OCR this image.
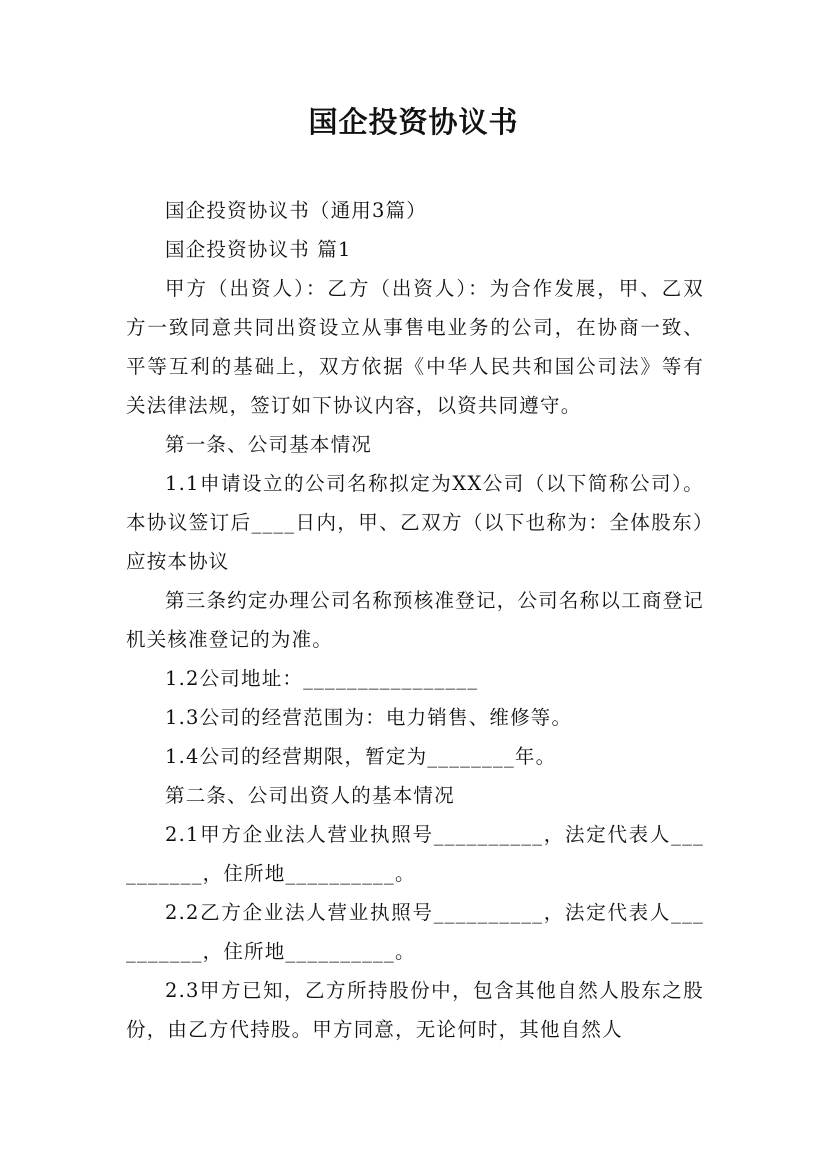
国企投资协议书

国企投资协议书（通用3篇）

国企投资协议书 篇1

甲方（出资人）：乙方（出资人）：为合作发展，甲、乙双方一致同意共同出资设立从事售电业务的公司，在协商一致、平等互利的基础上，双方依据《中华人民共和国公司法》等有关法律法规，签订如下协议内容，以资共同遵守。

第一条、公司基本情况

1.1申请设立的公司名称拟定为XX公司（以下简称公司）。本协议签订后____日内，甲、乙双方（以下也称为：全体股东）应按本协议

第三条约定办理公司名称预核准登记，公司名称以工商登记机关核准登记的为准。

1.2公司地址：________________

1.3公司的经营范围为：电力销售、维修等。

1.4公司的经营期限，暂定为________年。

第二条、公司出资人的基本情况

2.1甲方企业法人营业执照号__________，法定代表人__________，住所地__________。

2.2乙方企业法人营业执照号__________，法定代表人__________，住所地__________。

2.3甲方已知，乙方所持股份中，包含其他自然人股东之股份，由乙方代持股。甲方同意，无论何时，其他自然人
